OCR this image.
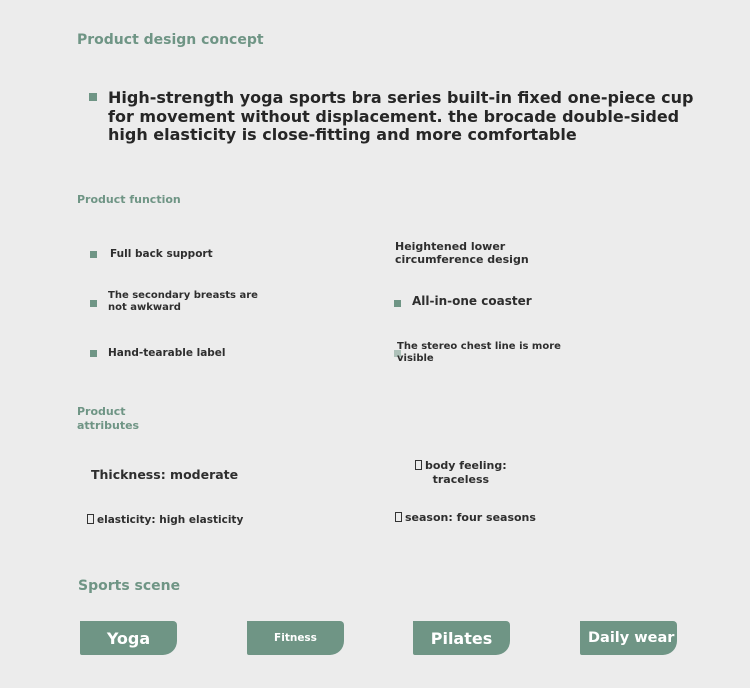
Product design concept
High-strength yoga sports bra series built-in fixed one-piece cup
for movement without displacement. the brocade double-sided
high elasticity is close-fitting and more comfortable
Product function
Full back support
The secondary breasts are
not awkward
Hand-tearable label
Heightened lower
circumference design
All-in-one coaster
The stereo chest line is more
visible
Product
attributes
Thickness: moderate
body feeling:
traceless
elasticity: high elasticity	season: four seasons
Sports scene
Yoga	Fitness	Pilates	Daily wear
